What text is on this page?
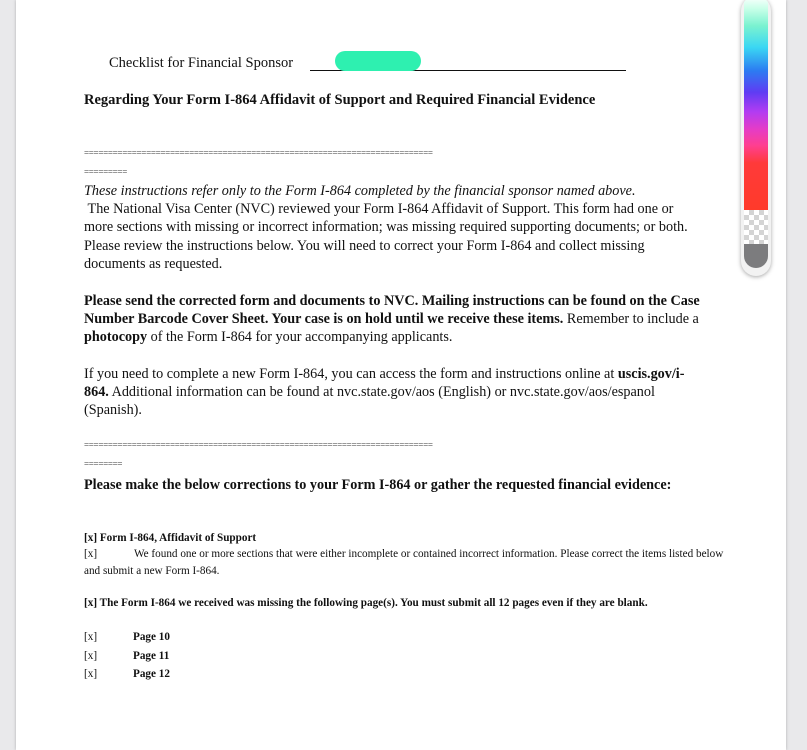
Checklist for Financial Sponsor
Regarding Your Form I-864 Affidavit of Support and Required Financial Evidence
=========================================================================
=========
These instructions refer only to the Form I-864 completed by the financial sponsor named above.
The National Visa Center (NVC) reviewed your Form I-864 Affidavit of Support. This form had one or more sections with missing or incorrect information; was missing required supporting documents; or both. Please review the instructions below. You will need to correct your Form I-864 and collect missing documents as requested.
Please send the corrected form and documents to NVC. Mailing instructions can be found on the Case Number Barcode Cover Sheet. Your case is on hold until we receive these items. Remember to include a photocopy of the Form I-864 for your accompanying applicants.
If you need to complete a new Form I-864, you can access the form and instructions online at uscis.gov/i-864. Additional information can be found at nvc.state.gov/aos (English) or nvc.state.gov/aos/espanol (Spanish).
=========================================================================
========
Please make the below corrections to your Form I-864 or gather the requested financial evidence:
[x] Form I-864, Affidavit of Support
[x]	We found one or more sections that were either incomplete or contained incorrect information. Please correct the items listed below and submit a new Form I-864.
[x] The Form I-864 we received was missing the following page(s). You must submit all 12 pages even if they are blank.
[x]	Page 10
[x]	Page 11
[x]	Page 12
